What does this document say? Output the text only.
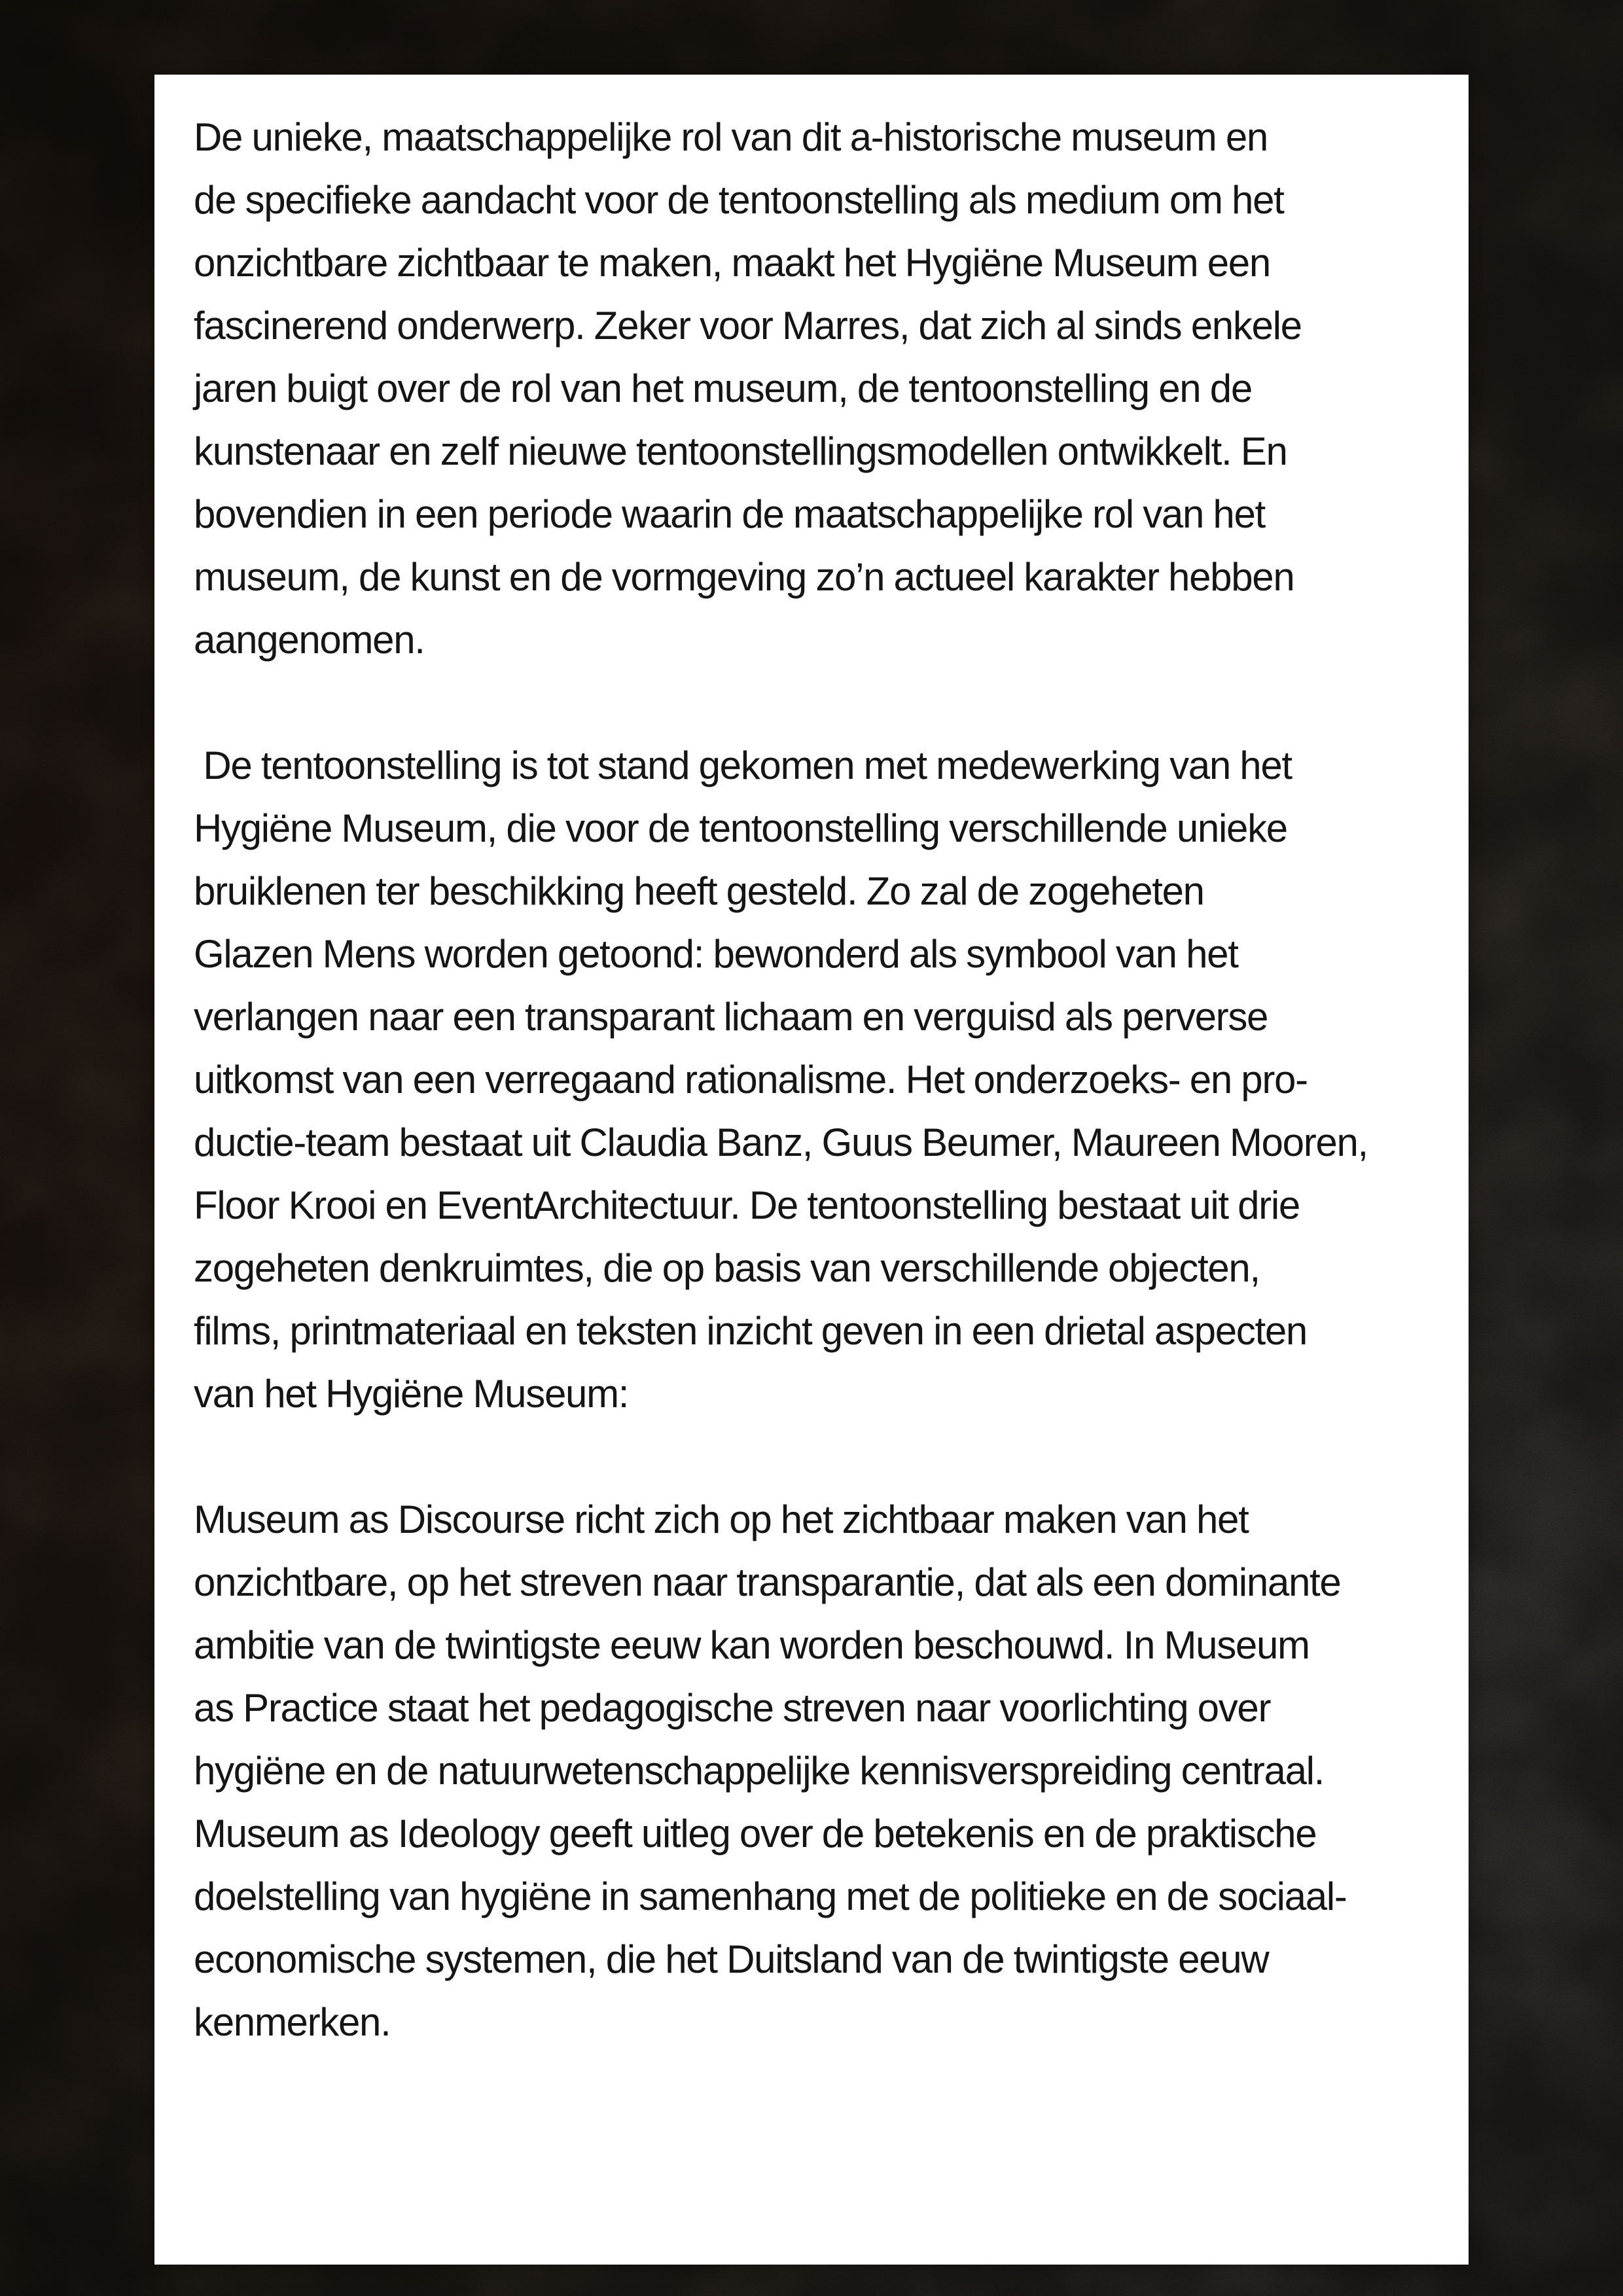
De unieke, maatschappelijke rol van dit a-historische museum en
de specifieke aandacht voor de tentoonstelling als medium om het
onzichtbare zichtbaar te maken, maakt het Hygiëne Museum een
fascinerend onderwerp. Zeker voor Marres, dat zich al sinds enkele
jaren buigt over de rol van het museum, de tentoonstelling en de
kunstenaar en zelf nieuwe tentoonstellingsmodellen ontwikkelt. En
bovendien in een periode waarin de maatschappelijke rol van het
museum, de kunst en de vormgeving zo’n actueel karakter hebben
aangenomen.
De tentoonstelling is tot stand gekomen met medewerking van het
Hygiëne Museum, die voor de tentoonstelling verschillende unieke
bruiklenen ter beschikking heeft gesteld. Zo zal de zogeheten
Glazen Mens worden getoond: bewonderd als symbool van het
verlangen naar een transparant lichaam en verguisd als perverse
uitkomst van een verregaand rationalisme. Het onderzoeks- en pro-
ductie-team bestaat uit Claudia Banz, Guus Beumer, Maureen Mooren,
Floor Krooi en EventArchitectuur. De tentoonstelling bestaat uit drie
zogeheten denkruimtes, die op basis van verschillende objecten,
films, printmateriaal en teksten inzicht geven in een drietal aspecten
van het Hygiëne Museum:
Museum as Discourse richt zich op het zichtbaar maken van het
onzichtbare, op het streven naar transparantie, dat als een dominante
ambitie van de twintigste eeuw kan worden beschouwd. In Museum
as Practice staat het pedagogische streven naar voorlichting over
hygiëne en de natuurwetenschappelijke kennisverspreiding centraal.
Museum as Ideology geeft uitleg over de betekenis en de praktische
doelstelling van hygiëne in samenhang met de politieke en de sociaal-
economische systemen, die het Duitsland van de twintigste eeuw
kenmerken.
